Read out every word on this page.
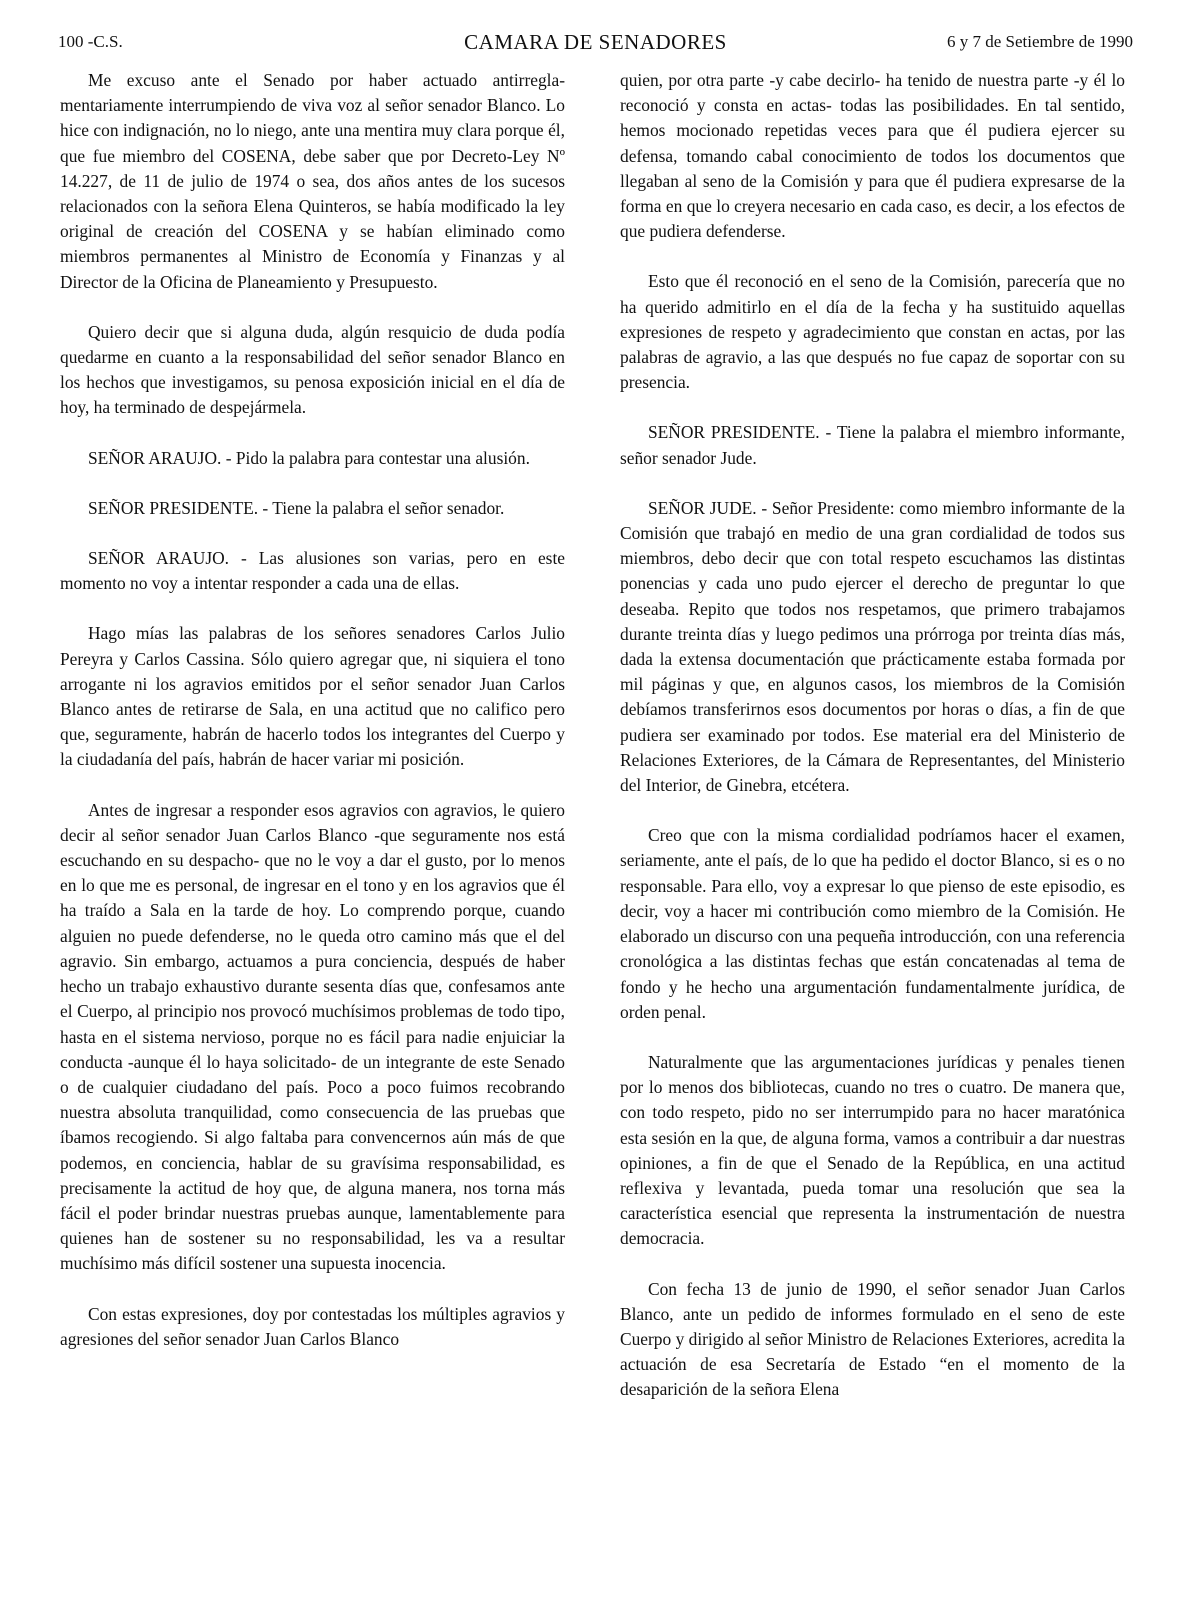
100 -C.S.	CAMARA DE SENADORES	6 y 7 de Setiembre de 1990

Me excuso ante el Senado por haber actuado antirregla-mentariamente interrumpiendo de viva voz al señor senador Blanco. Lo hice con indignación, no lo niego, ante una mentira muy clara porque él, que fue miembro del COSENA, debe saber que por Decreto-Ley Nº 14.227, de 11 de julio de 1974 o sea, dos años antes de los sucesos relacionados con la señora Elena Quinteros, se había modificado la ley original de creación del COSENA y se habían eliminado como miembros permanentes al Ministro de Economía y Finanzas y al Director de la Oficina de Planeamiento y Presupuesto.

Quiero decir que si alguna duda, algún resquicio de duda podía quedarme en cuanto a la responsabilidad del señor senador Blanco en los hechos que investigamos, su penosa exposición inicial en el día de hoy, ha terminado de despejármela.

SEÑOR ARAUJO. - Pido la palabra para contestar una alusión.

SEÑOR PRESIDENTE. - Tiene la palabra el señor senador.

SEÑOR ARAUJO. - Las alusiones son varias, pero en este momento no voy a intentar responder a cada una de ellas.

Hago mías las palabras de los señores senadores Carlos Julio Pereyra y Carlos Cassina. Sólo quiero agregar que, ni siquiera el tono arrogante ni los agravios emitidos por el señor senador Juan Carlos Blanco antes de retirarse de Sala, en una actitud que no califico pero que, seguramente, habrán de hacerlo todos los integrantes del Cuerpo y la ciudadanía del país, habrán de hacer variar mi posición.

Antes de ingresar a responder esos agravios con agravios, le quiero decir al señor senador Juan Carlos Blanco -que seguramente nos está escuchando en su despacho- que no le voy a dar el gusto, por lo menos en lo que me es personal, de ingresar en el tono y en los agravios que él ha traído a Sala en la tarde de hoy. Lo comprendo porque, cuando alguien no puede defenderse, no le queda otro camino más que el del agravio. Sin embargo, actuamos a pura conciencia, después de haber hecho un trabajo exhaustivo durante sesenta días que, confesamos ante el Cuerpo, al principio nos provocó muchísimos problemas de todo tipo, hasta en el sistema nervioso, porque no es fácil para nadie enjuiciar la conducta -aunque él lo haya solicitado- de un integrante de este Senado o de cualquier ciudadano del país. Poco a poco fuimos recobrando nuestra absoluta tranquilidad, como consecuencia de las pruebas que íbamos recogiendo. Si algo faltaba para convencernos aún más de que podemos, en conciencia, hablar de su gravísima responsabilidad, es precisamente la actitud de hoy que, de alguna manera, nos torna más fácil el poder brindar nuestras pruebas aunque, lamentablemente para quienes han de sostener su no responsabilidad, les va a resultar muchísimo más difícil sostener una supuesta inocencia.

Con estas expresiones, doy por contestadas los múltiples agravios y agresiones del señor senador Juan Carlos Blanco

quien, por otra parte -y cabe decirlo- ha tenido de nuestra parte -y él lo reconoció y consta en actas- todas las posibilidades. En tal sentido, hemos mocionado repetidas veces para que él pudiera ejercer su defensa, tomando cabal conocimiento de todos los documentos que llegaban al seno de la Comisión y para que él pudiera expresarse de la forma en que lo creyera necesario en cada caso, es decir, a los efectos de que pudiera defenderse.

Esto que él reconoció en el seno de la Comisión, parecería que no ha querido admitirlo en el día de la fecha y ha sustituido aquellas expresiones de respeto y agradecimiento que constan en actas, por las palabras de agravio, a las que después no fue capaz de soportar con su presencia.

SEÑOR PRESIDENTE. - Tiene la palabra el miembro informante, señor senador Jude.

SEÑOR JUDE. - Señor Presidente: como miembro informante de la Comisión que trabajó en medio de una gran cordialidad de todos sus miembros, debo decir que con total respeto escuchamos las distintas ponencias y cada uno pudo ejercer el derecho de preguntar lo que deseaba. Repito que todos nos respetamos, que primero trabajamos durante treinta días y luego pedimos una prórroga por treinta días más, dada la extensa documentación que prácticamente estaba formada por mil páginas y que, en algunos casos, los miembros de la Comisión debíamos transferirnos esos documentos por horas o días, a fin de que pudiera ser examinado por todos. Ese material era del Ministerio de Relaciones Exteriores, de la Cámara de Representantes, del Ministerio del Interior, de Ginebra, etcétera.

Creo que con la misma cordialidad podríamos hacer el examen, seriamente, ante el país, de lo que ha pedido el doctor Blanco, si es o no responsable. Para ello, voy a expresar lo que pienso de este episodio, es decir, voy a hacer mi contribución como miembro de la Comisión. He elaborado un discurso con una pequeña introducción, con una referencia cronológica a las distintas fechas que están concatenadas al tema de fondo y he hecho una argumentación fundamentalmente jurídica, de orden penal.

Naturalmente que las argumentaciones jurídicas y penales tienen por lo menos dos bibliotecas, cuando no tres o cuatro. De manera que, con todo respeto, pido no ser interrumpido para no hacer maratónica esta sesión en la que, de alguna forma, vamos a contribuir a dar nuestras opiniones, a fin de que el Senado de la República, en una actitud reflexiva y levantada, pueda tomar una resolución que sea la característica esencial que representa la instrumentación de nuestra democracia.

Con fecha 13 de junio de 1990, el señor senador Juan Carlos Blanco, ante un pedido de informes formulado en el seno de este Cuerpo y dirigido al señor Ministro de Relaciones Exteriores, acredita la actuación de esa Secretaría de Estado “en el momento de la desaparición de la señora Elena
